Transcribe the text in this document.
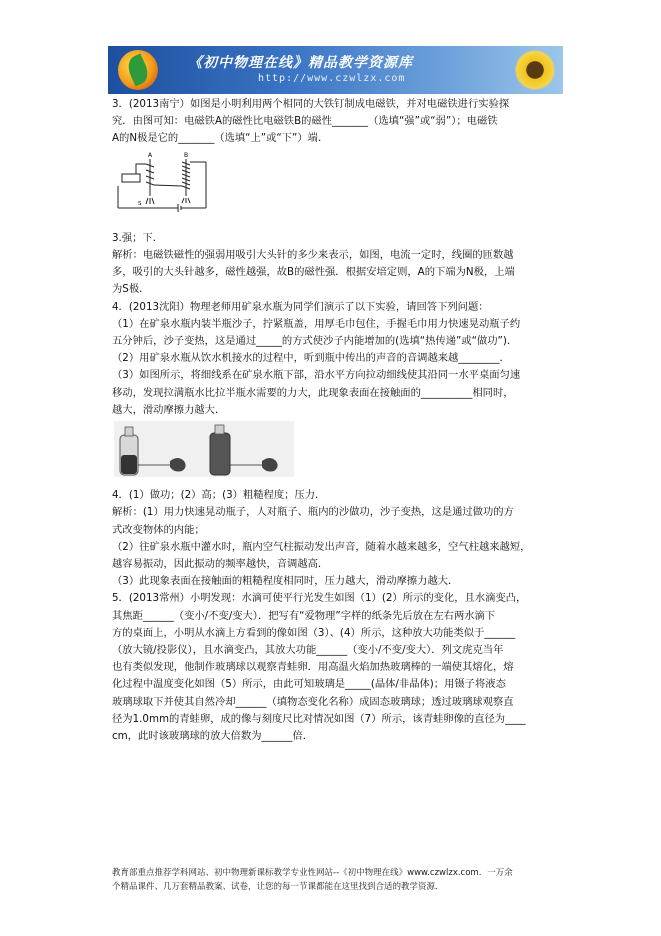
《初中物理在线》精品教学资源库
http://www.czwlzx.com

3．(2013南宁）如图是小明利用两个相同的大铁钉制成电磁铁，并对电磁铁进行实验探

究．由图可知：电磁铁A的磁性比电磁铁B的磁性_______（选填“强”或“弱”）；电磁铁

A的N极是它的_______（选填“上”或“下”）端．

A	B
S

3.强；下．

解析：电磁铁磁性的强弱用吸引大头针的多少来表示，如图，电流一定时，线圈的匝数越

多，吸引的大头针越多，磁性越强，故B的磁性强．根据安培定则，A的下端为N极，上端

为S极．

4．(2013沈阳）物理老师用矿泉水瓶为同学们演示了以下实验，请回答下列问题：

（1）在矿泉水瓶内装半瓶沙子，拧紧瓶盖，用厚毛巾包住，手握毛巾用力快速晃动瓶子约

五分钟后，沙子变热，这是通过_____的方式使沙子内能增加的(选填“热传递”或“做功”)．

（2）用矿泉水瓶从饮水机接水的过程中，听到瓶中传出的声音的音调越来越________．

（3）如图所示，将细线系在矿泉水瓶下部，沿水平方向拉动细线使其沿同一水平桌面匀速

移动，发现拉满瓶水比拉半瓶水需要的力大，此现象表面在接触面的__________相同时，

越大，滑动摩擦力越大．

4．(1）做功；(2）高；(3）粗糙程度；压力．

解析：(1）用力快速晃动瓶子，人对瓶子、瓶内的沙做功，沙子变热，这是通过做功的方

式改变物体的内能；

（2）往矿泉水瓶中灌水时，瓶内空气柱振动发出声音，随着水越来越多，空气柱越来越短，

越容易振动，因此振动的频率越快，音调越高．

（3）此现象表面在接触面的粗糙程度相同时，压力越大，滑动摩擦力越大．

5．(2013常州）小明发现：水滴可使平行光发生如图（1）(2）所示的变化，且水滴变凸，

其焦距______（变小/不变/变大）．把写有“爱物理”字样的纸条先后放在左右两水滴下

方的桌面上，小明从水滴上方看到的像如图（3）、(4）所示，这种放大功能类似于______

（放大镜/投影仪），且水滴变凸，其放大功能______（变小/不变/变大）．列文虎克当年

也有类似发现，他制作玻璃球以观察青蛙卵．用高温火焰加热玻璃棒的一端使其熔化，熔

化过程中温度变化如图（5）所示，由此可知玻璃是_____(晶体/非晶体)；用镊子将液态

玻璃球取下并使其自然冷却______（填物态变化名称）成固态玻璃球；透过玻璃球观察直

径为1.0mm的青蛙卵，成的像与刻度尺比对情况如图（7）所示，该青蛙卵像的直径为____

cm，此时该玻璃球的放大倍数为______倍．

教育部重点推荐学科网站、初中物理新课标教学专业性网站--《初中物理在线》www.czwlzx.com．一万余
个精品课件、几万套精品教案、试卷，让您的每一节课都能在这里找到合适的教学资源．
